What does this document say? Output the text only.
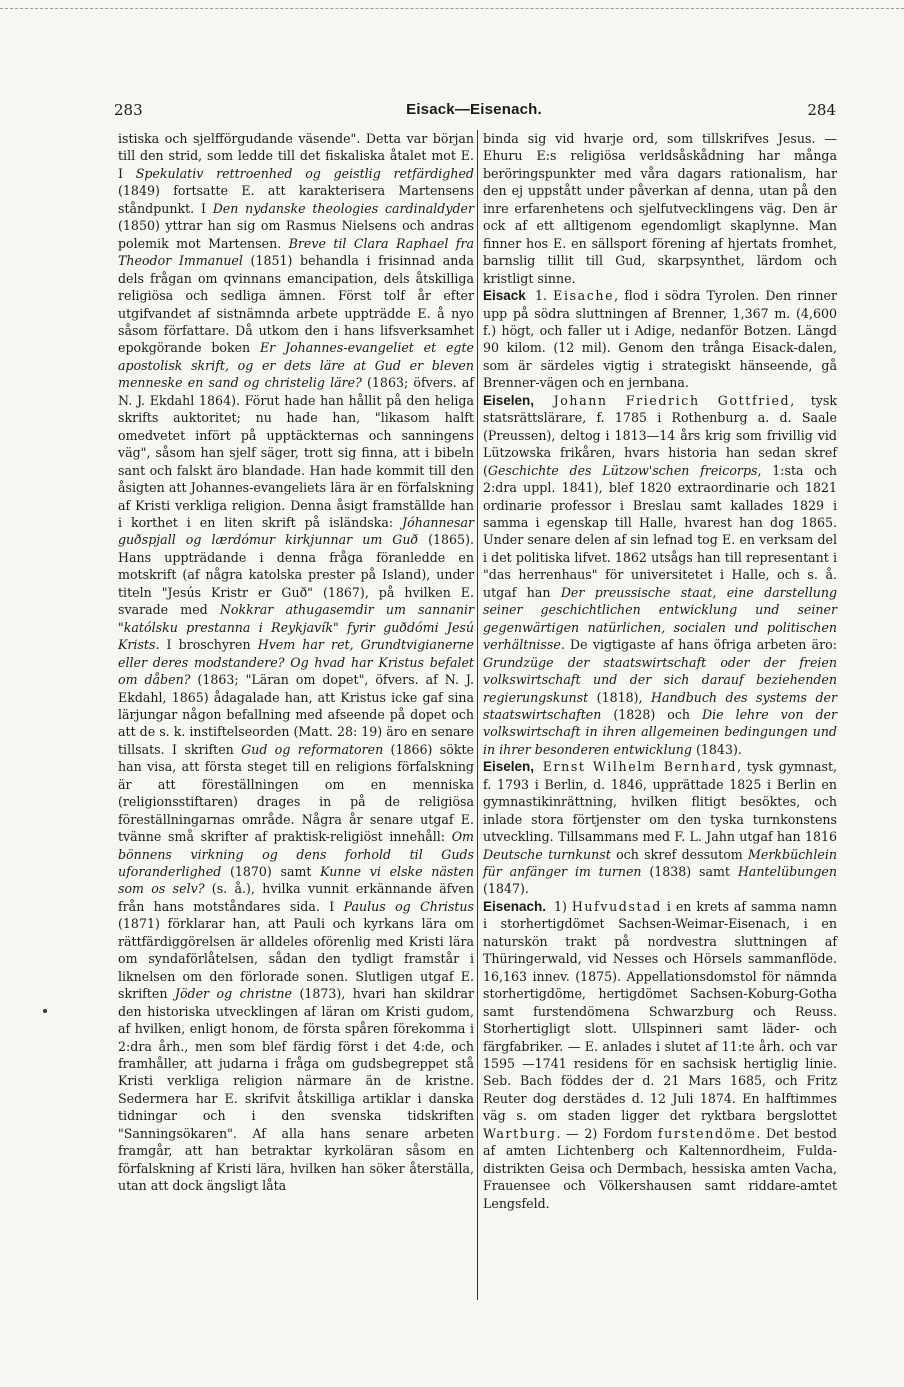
283	Eisack—Eisenach.	284

istiska och sjelfförgudande väsende". Detta var början till den strid, som ledde till det fiskaliska åtalet mot E. I Spekulativ rettroenhed og geistlig retfärdighed (1849) fortsatte E. att karakterisera Martensens ståndpunkt. I Den nydanske theologies cardinaldyder (1850) yttrar han sig om Rasmus Nielsens och andras polemik mot Martensen. Breve til Clara Raphael fra Theodor Immanuel (1851) behandla i frisinnad anda dels frågan om qvinnans emancipation, dels åtskilliga religiösa och sedliga ämnen. Först tolf år efter utgifvandet af sistnämnda arbete uppträdde E. å nyo såsom författare. Då utkom den i hans lifsverksamhet epokgörande boken Er Johannes-evangeliet et egte apostolisk skrift, og er dets läre at Gud er bleven menneske en sand og christelig läre? (1863; öfvers. af N. J. Ekdahl 1864). Förut hade han hållit på den heliga skrifts auktoritet; nu hade han, "likasom halft omedvetet infört på upptäckternas och sanningens väg", såsom han sjelf säger, trott sig finna, att i bibeln sant och falskt äro blandade. Han hade kommit till den åsigten att Johannes-evangeliets lära är en förfalskning af Kristi verkliga religion. Denna åsigt framställde han i korthet i en liten skrift på isländska: Jóhannesar guðspjall og lærdómur kirkjunnar um Guð (1865). Hans uppträdande i denna fråga föranledde en motskrift (af några katolska prester på Island), under titeln "Jesús Kristr er Guð" (1867), på hvilken E. svarade med Nokkrar athugasemdir um sannanir "katólsku prestanna i Reykjavík" fyrir guðdómi Jesú Krists. I broschyren Hvem har ret, Grundtvigianerne eller deres modstandere? Og hvad har Kristus befalet om dåben? (1863; "Läran om dopet", öfvers. af N. J. Ekdahl, 1865) ådagalade han, att Kristus icke gaf sina lärjungar någon befallning med afseende på dopet och att de s. k. instiftelseorden (Matt. 28: 19) äro en senare tillsats. I skriften Gud og reformatoren (1866) sökte han visa, att första steget till en religions förfalskning är att föreställningen om en menniska (religionsstiftaren) drages in på de religiösa föreställningarnas område. Några år senare utgaf E. tvänne små skrifter af praktisk-religiöst innehåll: Om bönnens virkning og dens forhold til Guds uforanderlighed (1870) samt Kunne vi elske nästen som os selv? (s. å.), hvilka vunnit erkännande äfven från hans motståndares sida. I Paulus og Christus (1871) förklarar han, att Pauli och kyrkans lära om rättfärdiggörelsen är alldeles oförenlig med Kristi lära om syndaförlåtelsen, sådan den tydligt framstår i liknelsen om den förlorade sonen. Slutligen utgaf E. skriften Jöder og christne (1873), hvari han skildrar den historiska utvecklingen af läran om Kristi gudom, af hvilken, enligt honom, de första spåren förekomma i 2:dra årh., men som blef färdig först i det 4:de, och framhåller, att judarna i fråga om gudsbegreppet stå Kristi verkliga religion närmare än de kristne. Sedermera har E. skrifvit åtskilliga artiklar i danska tidningar och i den svenska tidskriften "Sanningsökaren". Af alla hans senare arbeten framgår, att han betraktar kyrkoläran såsom en förfalskning af Kristi lära, hvilken han söker återställa, utan att dock ängsligt låta

binda sig vid hvarje ord, som tillskrifves Jesus. — Ehuru E:s religiösa verldsåskådning har många beröringspunkter med våra dagars rationalism, har den ej uppstått under påverkan af denna, utan på den inre erfarenhetens och sjelfutvecklingens väg. Den är ock af ett alltigenom egendomligt skaplynne. Man finner hos E. en sällsport förening af hjertats fromhet, barnslig tillit till Gud, skarpsynthet, lärdom och kristligt sinne.

Eisack 1. Eisache, flod i södra Tyrolen. Den rinner upp på södra sluttningen af Brenner, 1,367 m. (4,600 f.) högt, och faller ut i Adige, nedanför Botzen. Längd 90 kilom. (12 mil). Genom den trånga Eisack-dalen, som är särdeles vigtig i strategiskt hänseende, gå Brenner-vägen och en jernbana.

Eiselen, Johann Friedrich Gottfried, tysk statsrättslärare, f. 1785 i Rothenburg a. d. Saale (Preussen), deltog i 1813—14 års krig som frivillig vid Lützowska frikåren, hvars historia han sedan skref (Geschichte des Lützow'schen freicorps, 1:sta och 2:dra uppl. 1841), blef 1820 extraordinarie och 1821 ordinarie professor i Breslau samt kallades 1829 i samma i egenskap till Halle, hvarest han dog 1865. Under senare delen af sin lefnad tog E. en verksam del i det politiska lifvet. 1862 utsågs han till representant i "das herrenhaus" för universitetet i Halle, och s. å. utgaf han Der preussische staat, eine darstellung seiner geschichtlichen entwicklung und seiner gegenwärtigen natürlichen, socialen und politischen verhältnisse. De vigtigaste af hans öfriga arbeten äro: Grundzüge der staatswirtschaft oder der freien volkswirtschaft und der sich darauf beziehenden regierungskunst (1818), Handbuch des systems der staatswirtschaften (1828) och Die lehre von der volkswirtschaft in ihren allgemeinen bedingungen und in ihrer besonderen entwicklung (1843).

Eiselen, Ernst Wilhelm Bernhard, tysk gymnast, f. 1793 i Berlin, d. 1846, upprättade 1825 i Berlin en gymnastikinrättning, hvilken flitigt besöktes, och inlade stora förtjenster om den tyska turnkonstens utveckling. Tillsammans med F. L. Jahn utgaf han 1816 Deutsche turnkunst och skref dessutom Merkbüchlein für anfänger im turnen (1838) samt Hantelübungen (1847).

Eisenach. 1) Hufvudstad i en krets af samma namn i storhertigdömet Sachsen-Weimar-Eisenach, i en naturskön trakt på nordvestra sluttningen af Thüringerwald, vid Nesses och Hörsels sammanflöde. 16,163 innev. (1875). Appellationsdomstol för nämnda storhertigdöme, hertigdömet Sachsen-Koburg-Gotha samt furstendömena Schwarzburg och Reuss. Storhertigligt slott. Ullspinneri samt läder- och färgfabriker. — E. anlades i slutet af 11:te årh. och var 1595 —1741 residens för en sachsisk hertiglig linie. Seb. Bach föddes der d. 21 Mars 1685, och Fritz Reuter dog derstädes d. 12 Juli 1874. En halftimmes väg s. om staden ligger det ryktbara bergslottet Wartburg. — 2) Fordom furstendöme. Det bestod af amten Lichtenberg och Kaltennordheim, Fulda-distrikten Geisa och Dermbach, hessiska amten Vacha, Frauensee och Völkershausen samt riddare-amtet Lengsfeld.
